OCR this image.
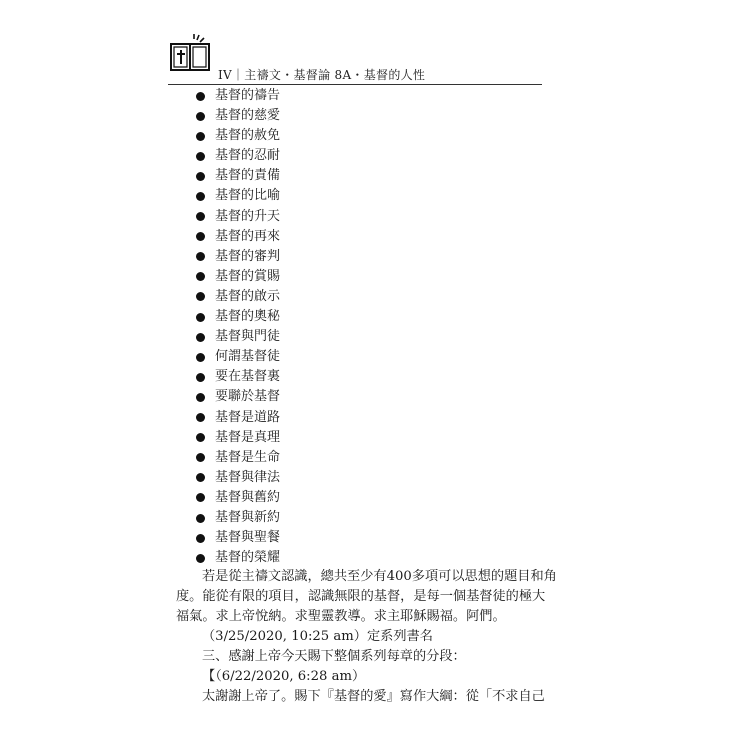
IV｜主禱文・基督論 8A・基督的人性
基督的禱告
基督的慈愛
基督的赦免
基督的忍耐
基督的責備
基督的比喻
基督的升天
基督的再來
基督的審判
基督的賞賜
基督的啟示
基督的奧秘
基督與門徒
何謂基督徒
要在基督裏
要聯於基督
基督是道路
基督是真理
基督是生命
基督與律法
基督與舊約
基督與新約
基督與聖餐
基督的榮耀

若是從主禱文認識，總共至少有400多項可以思想的題目和角

度。能從有限的項目，認識無限的基督，是每一個基督徒的極大

福氣。求上帝悅納。求聖靈教導。求主耶穌賜福。阿們。

（3/25/2020, 10:25 am）定系列書名

三、感謝上帝今天賜下整個系列每章的分段：

【（6/22/2020, 6:28 am）

太謝謝上帝了。賜下『基督的愛』寫作大綱：從「不求自己
